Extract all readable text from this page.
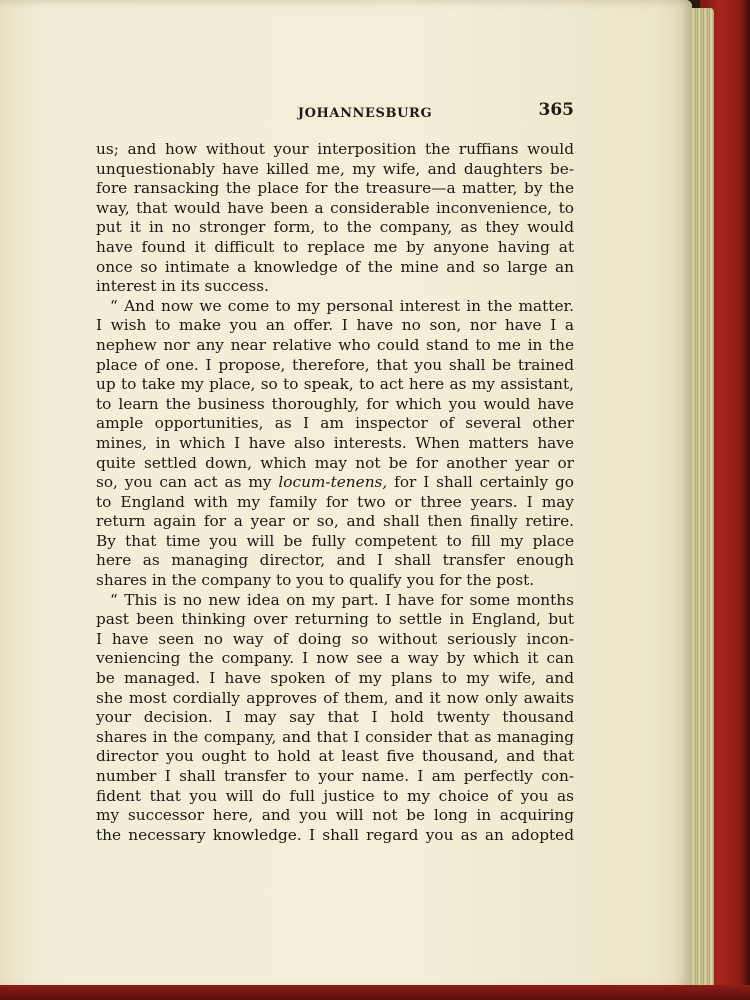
JOHANNESBURG	365
us; and how without your interposition the ruffians would
unquestionably have killed me, my wife, and daughters be-
fore ransacking the place for the treasure—a matter, by the
way, that would have been a considerable inconvenience, to
put it in no stronger form, to the company, as they would
have found it difficult to replace me by anyone having at
once so intimate a knowledge of the mine and so large an
interest in its success.
“ And now we come to my personal interest in the matter.
I wish to make you an offer. I have no son, nor have I a
nephew nor any near relative who could stand to me in the
place of one. I propose, therefore, that you shall be trained
up to take my place, so to speak, to act here as my assistant,
to learn the business thoroughly, for which you would have
ample opportunities, as I am inspector of several other
mines, in which I have also interests. When matters have
quite settled down, which may not be for another year or
so, you can act as my locum-tenens, for I shall certainly go
to England with my family for two or three years. I may
return again for a year or so, and shall then finally retire.
By that time you will be fully competent to fill my place
here as managing director, and I shall transfer enough
shares in the company to you to qualify you for the post.
“ This is no new idea on my part. I have for some months
past been thinking over returning to settle in England, but
I have seen no way of doing so without seriously incon-
veniencing the company. I now see a way by which it can
be managed. I have spoken of my plans to my wife, and
she most cordially approves of them, and it now only awaits
your decision. I may say that I hold twenty thousand
shares in the company, and that I consider that as managing
director you ought to hold at least five thousand, and that
number I shall transfer to your name. I am perfectly con-
fident that you will do full justice to my choice of you as
my successor here, and you will not be long in acquiring
the necessary knowledge. I shall regard you as an adopted
